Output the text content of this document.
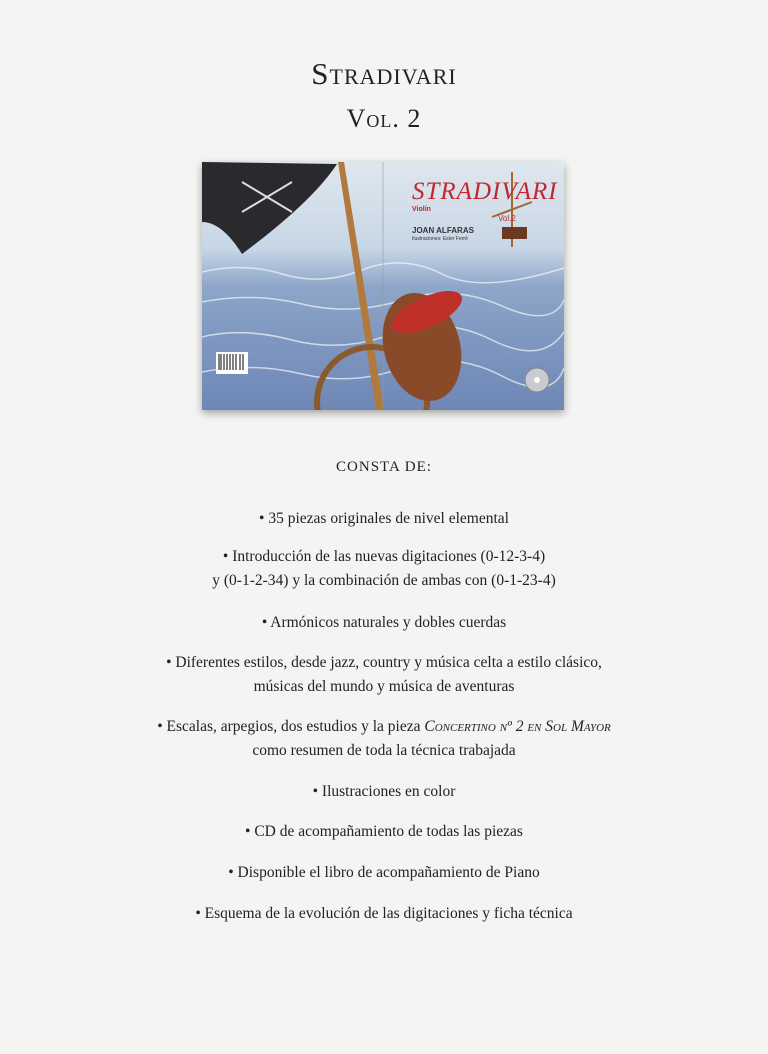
Stradivari
Vol. 2
STRADIVARI
Violín
Vol.2
JOAN ALFARAS
Ilustraciones: Ester Ferrè
CONSTA DE:
• 35 piezas originales de nivel elemental
• Introducción de las nuevas digitaciones (0-12-3-4)
y (0-1-2-34) y la combinación de ambas con (0-1-23-4)
• Armónicos naturales y dobles cuerdas
• Diferentes estilos, desde jazz, country y música celta a estilo clásico,
músicas del mundo y música de aventuras
• Escalas, arpegios, dos estudios y la pieza Concertino nº 2 en Sol Mayor
como resumen de toda la técnica trabajada
• Ilustraciones en color
• CD de acompañamiento de todas las piezas
• Disponible el libro de acompañamiento de Piano
• Esquema de la evolución de las digitaciones y ficha técnica
